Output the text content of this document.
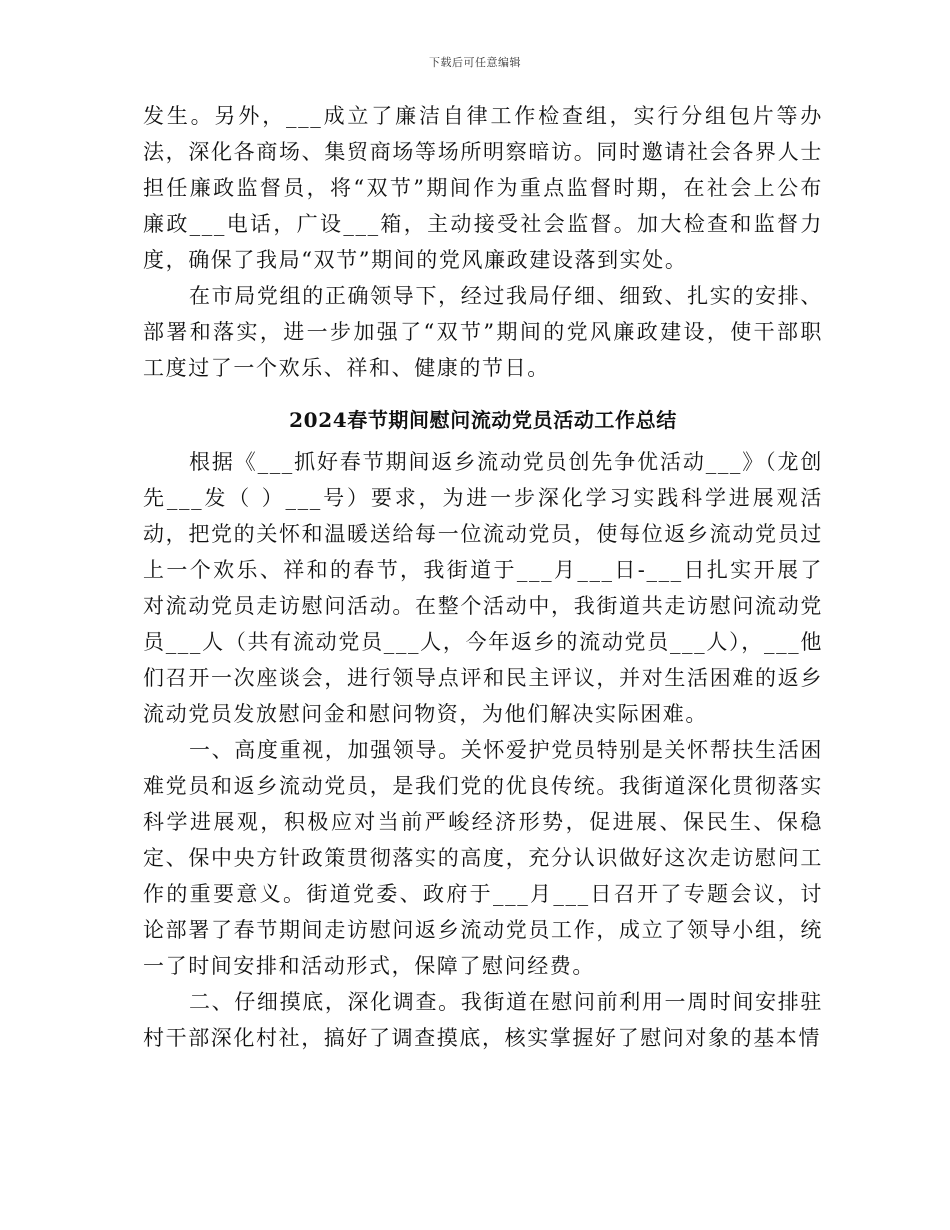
下载后可任意编辑

发生。另外，___成立了廉洁自律工作检查组，实行分组包片等办法，深化各商场、集贸商场等场所明察暗访。同时邀请社会各界人士担任廉政监督员，将“双节”期间作为重点监督时期，在社会上公布廉政___电话，广设___箱，主动接受社会监督。加大检查和监督力度，确保了我局“双节”期间的党风廉政建设落到实处。

在市局党组的正确领导下，经过我局仔细、细致、扎实的安排、部署和落实，进一步加强了“双节”期间的党风廉政建设，使干部职工度过了一个欢乐、祥和、健康的节日。

2024春节期间慰问流动党员活动工作总结

根据《___抓好春节期间返乡流动党员创先争优活动___》（龙创先___发（ ）___号）要求，为进一步深化学习实践科学进展观活动，把党的关怀和温暖送给每一位流动党员，使每位返乡流动党员过上一个欢乐、祥和的春节，我街道于___月___日-___日扎实开展了对流动党员走访慰问活动。在整个活动中，我街道共走访慰问流动党员___人（共有流动党员___人，今年返乡的流动党员___人），___他们召开一次座谈会，进行领导点评和民主评议，并对生活困难的返乡流动党员发放慰问金和慰问物资，为他们解决实际困难。

一、高度重视，加强领导。关怀爱护党员特别是关怀帮扶生活困难党员和返乡流动党员，是我们党的优良传统。我街道深化贯彻落实科学进展观，积极应对当前严峻经济形势，促进展、保民生、保稳定、保中央方针政策贯彻落实的高度，充分认识做好这次走访慰问工作的重要意义。街道党委、政府于___月___日召开了专题会议，讨论部署了春节期间走访慰问返乡流动党员工作，成立了领导小组，统一了时间安排和活动形式，保障了慰问经费。

二、仔细摸底，深化调查。我街道在慰问前利用一周时间安排驻村干部深化村社，搞好了调查摸底，核实掌握好了慰问对象的基本情
